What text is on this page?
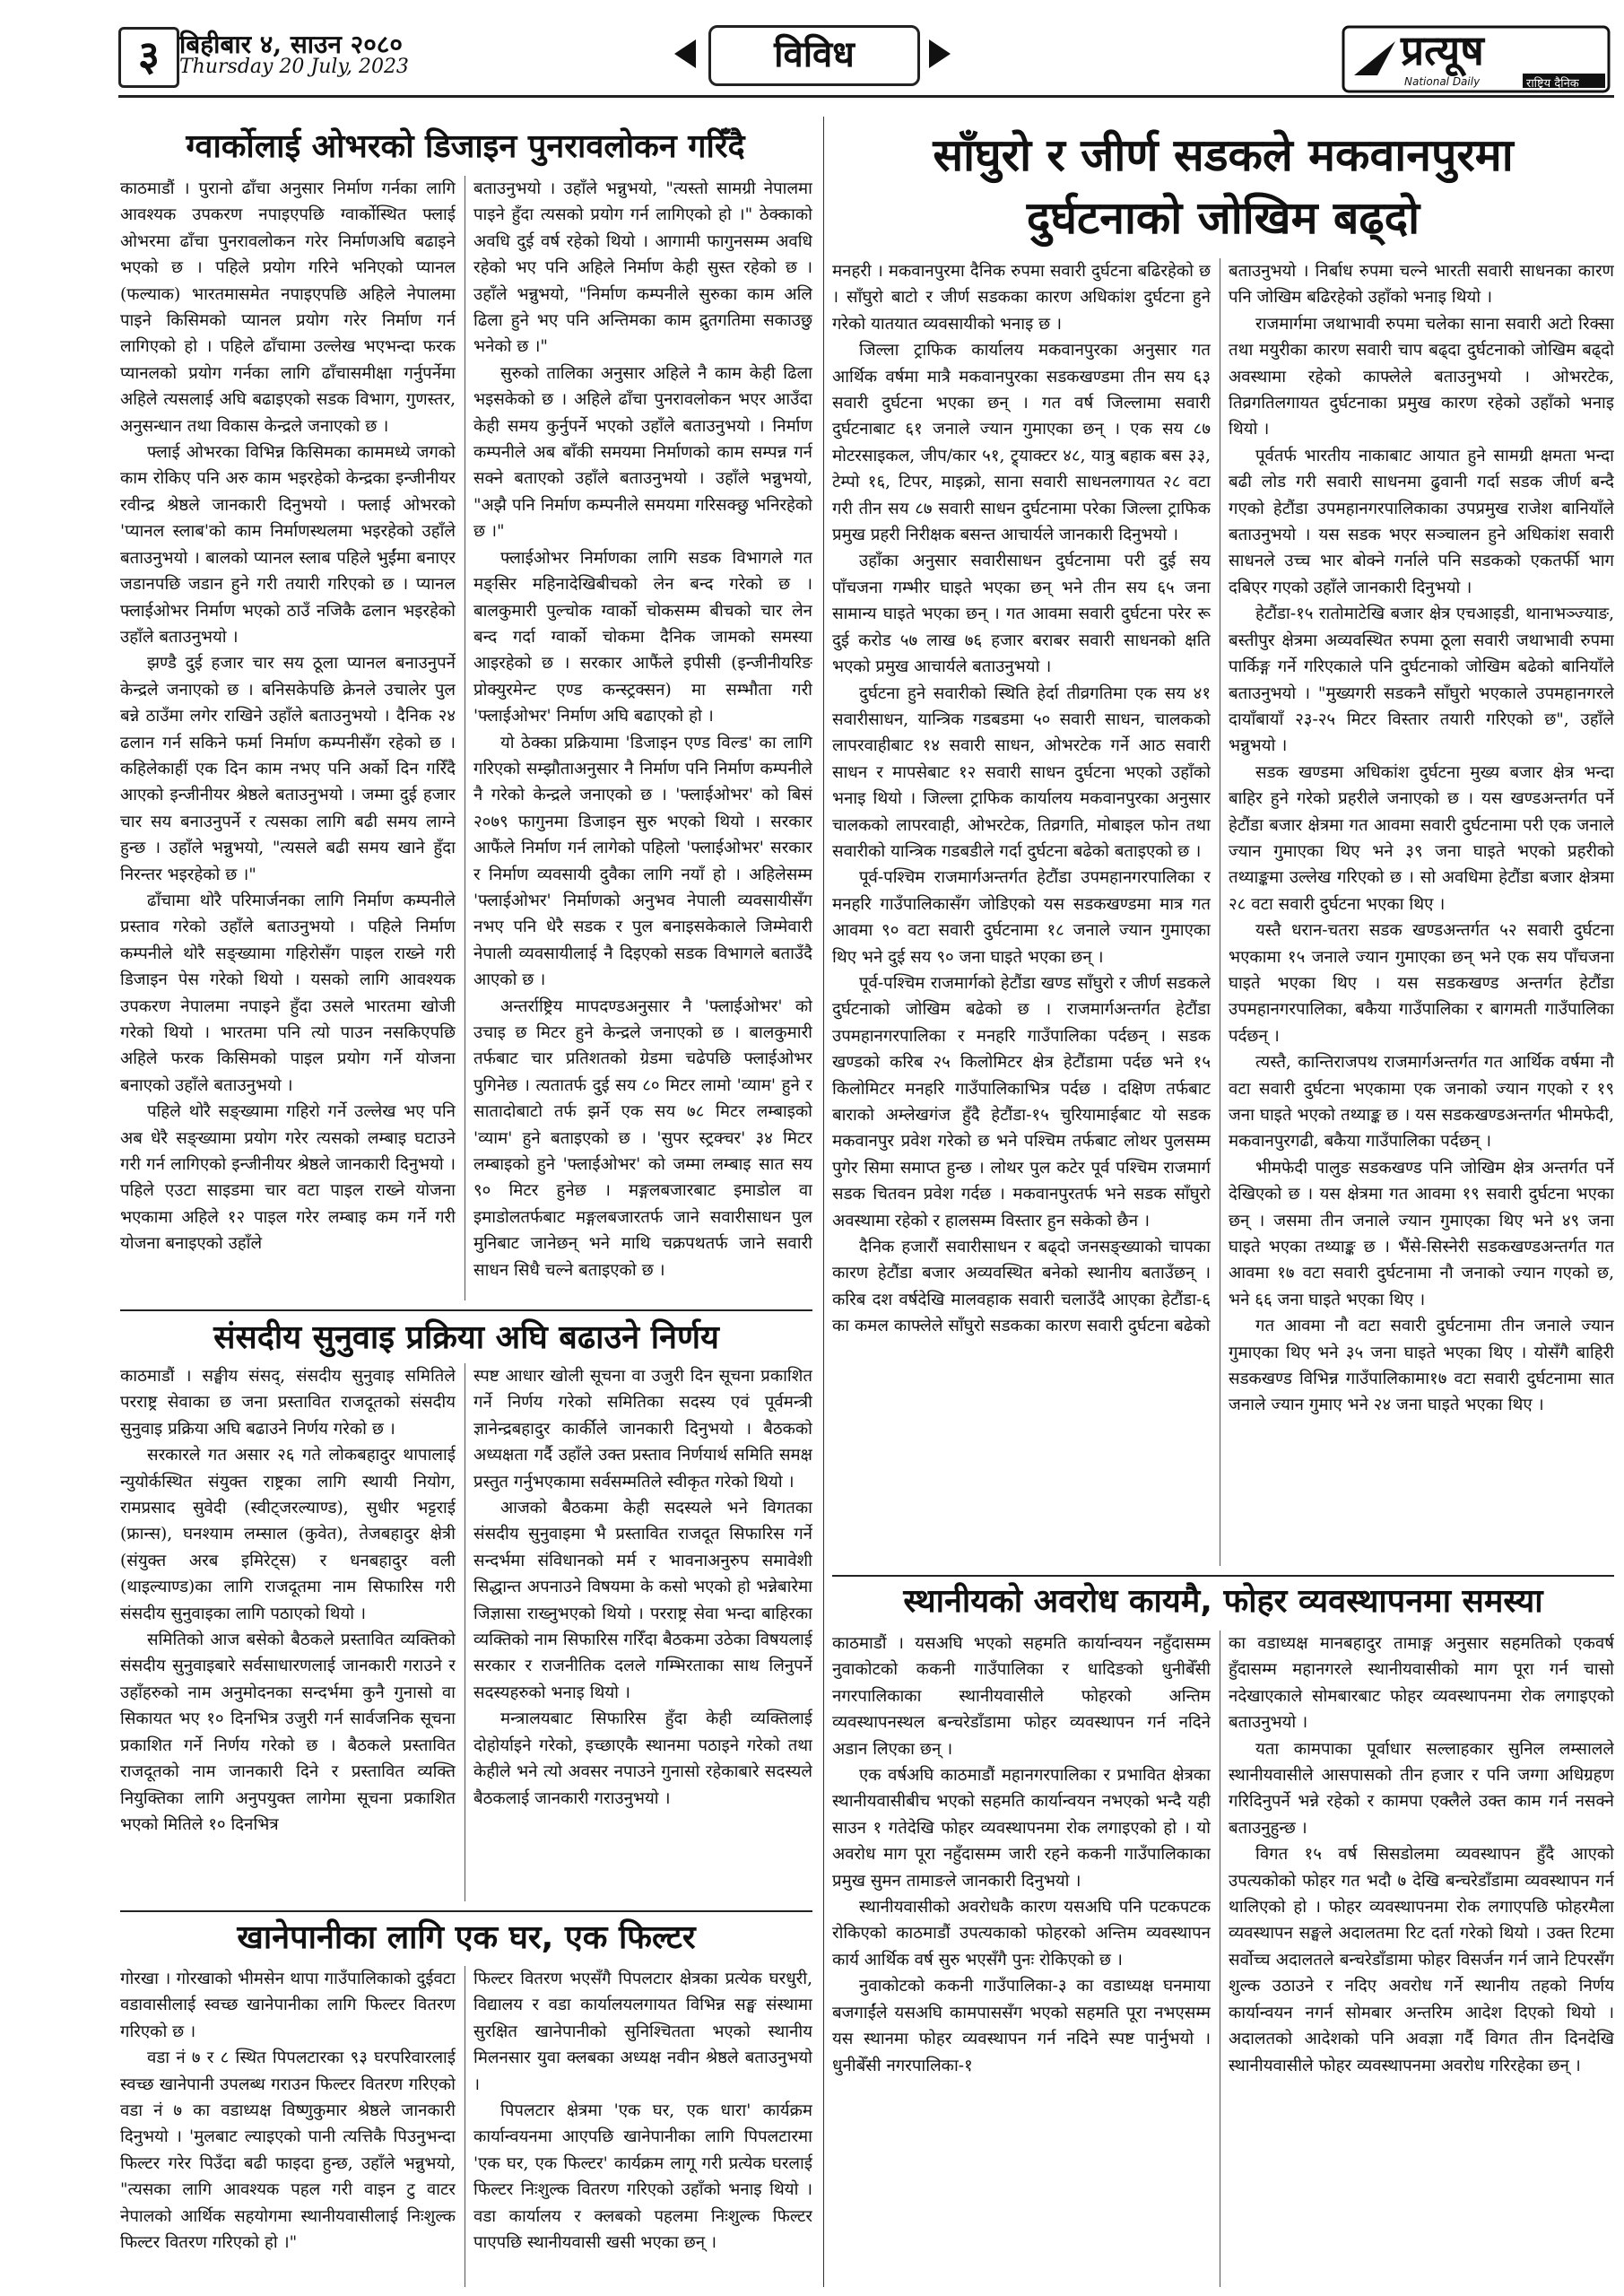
३ बिहीबार ४, साउन २०८०
Thursday 20 July, 2023	विविध	प्रत्यूष
National Daily	राष्ट्रिय दैनिक
ग्वार्कोलाई ओभरको डिजाइन पुनरावलोकन गरिँदै

काठमाडौं । पुरानो ढाँचा अनुसार निर्माण गर्नका लागि आवश्यक उपकरण नपाइएपछि ग्वार्कोस्थित फ्लाई ओभरमा ढाँचा पुनरावलोकन गरेर निर्माणअघि बढाइने भएको छ । पहिले प्रयोग गरिने भनिएको प्यानल (फल्याक) भारतमासमेत नपाइएपछि अहिले नेपालमा पाइने किसिमको प्यानल प्रयोग गरेर निर्माण गर्न लागिएको हो । पहिले ढाँचामा उल्लेख भएभन्दा फरक प्यानलको प्रयोग गर्नका लागि ढाँचासमीक्षा गर्नुपर्नेमा अहिले त्यसलाई अघि बढाइएको सडक विभाग, गुणस्तर, अनुसन्धान तथा विकास केन्द्रले जनाएको छ ।

फ्लाई ओभरका विभिन्न किसिमका काममध्ये जगको काम रोकिए पनि अरु काम भइरहेको केन्द्रका इन्जीनीयर रवीन्द्र श्रेष्ठले जानकारी दिनुभयो । फ्लाई ओभरको 'प्यानल स्लाब'को काम निर्माणस्थलमा भइरहेको उहाँले बताउनुभयो । बालको प्यानल स्लाब पहिले भुईंमा बनाएर जडानपछि जडान हुने गरी तयारी गरिएको छ । प्यानल फ्लाईओभर निर्माण भएको ठाउँ नजिकै ढलान भइरहेको उहाँले बताउनुभयो ।

झण्डै दुई हजार चार सय ठूला प्यानल बनाउनुपर्ने केन्द्रले जनाएको छ । बनिसकेपछि क्रेनले उचालेर पुल बन्ने ठाउँमा लगेर राखिने उहाँले बताउनुभयो । दैनिक २४ ढलान गर्न सकिने फर्मा निर्माण कम्पनीसँग रहेको छ । कहिलेकाहीं एक दिन काम नभए पनि अर्को दिन गरिँदै आएको इन्जीनीयर श्रेष्ठले बताउनुभयो । जम्मा दुई हजार चार सय बनाउनुपर्ने र त्यसका लागि बढी समय लाग्ने हुन्छ । उहाँले भन्नुभयो, "त्यसले बढी समय खाने हुँदा निरन्तर भइरहेको छ ।"

ढाँचामा थोरै परिमार्जनका लागि निर्माण कम्पनीले प्रस्ताव गरेको उहाँले बताउनुभयो । पहिले निर्माण कम्पनीले थोरै सङ्ख्यामा गहिरोसँग पाइल राख्ने गरी डिजाइन पेस गरेको थियो । यसको लागि आवश्यक उपकरण नेपालमा नपाइने हुँदा उसले भारतमा खोजी गरेको थियो । भारतमा पनि त्यो पाउन नसकिएपछि अहिले फरक किसिमको पाइल प्रयोग गर्ने योजना बनाएको उहाँले बताउनुभयो ।

पहिले थोरै सङ्ख्यामा गहिरो गर्ने उल्लेख भए पनि अब धेरै सङ्ख्यामा प्रयोग गरेर त्यसको लम्बाइ घटाउने गरी गर्न लागिएको इन्जीनीयर श्रेष्ठले जानकारी दिनुभयो । पहिले एउटा साइडमा चार वटा पाइल राख्ने योजना भएकामा अहिले १२ पाइल गरेर लम्बाइ कम गर्ने गरी योजना बनाइएको उहाँले

बताउनुभयो । उहाँले भन्नुभयो, "त्यस्तो सामग्री नेपालमा पाइने हुँदा त्यसको प्रयोग गर्न लागिएको हो ।" ठेक्काको अवधि दुई वर्ष रहेको थियो । आगामी फागुनसम्म अवधि रहेको भए पनि अहिले निर्माण केही सुस्त रहेको छ । उहाँले भन्नुभयो, "निर्माण कम्पनीले सुरुका काम अलि ढिला हुने भए पनि अन्तिमका काम द्रुतगतिमा सकाउछु भनेको छ ।"

सुरुको तालिका अनुसार अहिले नै काम केही ढिला भइसकेको छ । अहिले ढाँचा पुनरावलोकन भएर आउँदा केही समय कुर्नुपर्ने भएको उहाँले बताउनुभयो । निर्माण कम्पनीले अब बाँकी समयमा निर्माणको काम सम्पन्न गर्न सक्ने बताएको उहाँले बताउनुभयो । उहाँले भन्नुभयो, "अझै पनि निर्माण कम्पनीले समयमा गरिसक्छु भनिरहेको छ ।"

फ्लाईओभर निर्माणका लागि सडक विभागले गत मङ्सिर महिनादेखिबीचको लेन बन्द गरेको छ । बालकुमारी पुल्चोक ग्वार्को चोकसम्म बीचको चार लेन बन्द गर्दा ग्वार्को चोकमा दैनिक जामको समस्या आइरहेको छ । सरकार आफैंले इपीसी (इन्जीनीयरिङ प्रोक्युरमेन्ट एण्ड कन्स्ट्रक्सन) मा सम्भौता गरी 'फ्लाईओभर' निर्माण अघि बढाएको हो ।

यो ठेक्का प्रक्रियामा 'डिजाइन एण्ड विल्ड' का लागि गरिएको सम्झौताअनुसार नै निर्माण पनि निर्माण कम्पनीले नै गरेको केन्द्रले जनाएको छ । 'फ्लाईओभर' को बिसं २०७९ फागुनमा डिजाइन सुरु भएको थियो । सरकार आफैंले निर्माण गर्न लागेको पहिलो 'फ्लाईओभर' सरकार र निर्माण व्यवसायी दुवैका लागि नयाँ हो । अहिलेसम्म 'फ्लाईओभर' निर्माणको अनुभव नेपाली व्यवसायीसँग नभए पनि धेरै सडक र पुल बनाइसकेकाले जिम्मेवारी नेपाली व्यवसायीलाई नै दिइएको सडक विभागले बताउँदै आएको छ ।

अन्तर्राष्ट्रिय मापदण्डअनुसार नै 'फ्लाईओभर' को उचाइ छ मिटर हुने केन्द्रले जनाएको छ । बालकुमारी तर्फबाट चार प्रतिशतको ग्रेडमा चढेपछि फ्लाईओभर पुगिनेछ । त्यतातर्फ दुई सय ८० मिटर लामो 'व्याम' हुने र सातादोबाटो तर्फ झर्ने एक सय ७८ मिटर लम्बाइको 'व्याम' हुने बताइएको छ । 'सुपर स्ट्रक्चर' ३४ मिटर लम्बाइको हुने 'फ्लाईओभर' को जम्मा लम्बाइ सात सय ९० मिटर हुनेछ । मङ्गलबजारबाट इमाडोल वा इमाडोलतर्फबाट मङ्गलबजारतर्फ जाने सवारीसाधन पुल मुनिबाट जानेछन् भने माथि चक्रपथतर्फ जाने सवारी साधन सिधै चल्ने बताइएको छ ।

साँघुरो र जीर्ण सडकले मकवानपुरमा
दुर्घटनाको जोखिम बढ्दो

मनहरी । मकवानपुरमा दैनिक रुपमा सवारी दुर्घटना बढिरहेको छ । साँघुरो बाटो र जीर्ण सडकका कारण अधिकांश दुर्घटना हुने गरेको यातयात व्यवसायीको भनाइ छ ।

जिल्ला ट्राफिक कार्यालय मकवानपुरका अनुसार गत आर्थिक वर्षमा मात्रै मकवानपुरका सडकखण्डमा तीन सय ६३ सवारी दुर्घटना भएका छन् । गत वर्ष जिल्लामा सवारी दुर्घटनाबाट ६१ जनाले ज्यान गुमाएका छन् । एक सय ८७ मोटरसाइकल, जीप/कार ५१, ट्र्याक्टर ४८, यात्रु बहाक बस ३३, टेम्पो १६, टिपर, माइक्रो, साना सवारी साधनलगायत २८ वटा गरी तीन सय ८७ सवारी साधन दुर्घटनामा परेका जिल्ला ट्राफिक प्रमुख प्रहरी निरीक्षक बसन्त आचार्यले जानकारी दिनुभयो ।

उहाँका अनुसार सवारीसाधन दुर्घटनामा परी दुई सय पाँचजना गम्भीर घाइते भएका छन् भने तीन सय ६५ जना सामान्य घाइते भएका छन् । गत आवमा सवारी दुर्घटना परेर रू दुई करोड ५७ लाख ७६ हजार बराबर सवारी साधनको क्षति भएको प्रमुख आचार्यले बताउनुभयो ।

दुर्घटना हुने सवारीको स्थिति हेर्दा तीव्रगतिमा एक सय ४१ सवारीसाधन, यान्त्रिक गडबडमा ५० सवारी साधन, चालकको लापरवाहीबाट १४ सवारी साधन, ओभरटेक गर्ने आठ सवारी साधन र मापसेबाट १२ सवारी साधन दुर्घटना भएको उहाँको भनाइ थियो । जिल्ला ट्राफिक कार्यालय मकवानपुरका अनुसार चालकको लापरवाही, ओभरटेक, तिव्रगति, मोबाइल फोन तथा सवारीको यान्त्रिक गडबडीले गर्दा दुर्घटना बढेको बताइएको छ ।

पूर्व-पश्चिम राजमार्गअन्तर्गत हेटौंडा उपमहानगरपालिका र मनहरि गाउँपालिकासँग जोडिएको यस सडकखण्डमा मात्र गत आवमा ९० वटा सवारी दुर्घटनामा १८ जनाले ज्यान गुमाएका थिए भने दुई सय ९० जना घाइते भएका छन् ।

पूर्व-पश्चिम राजमार्गको हेटौंडा खण्ड साँघुरो र जीर्ण सडकले दुर्घटनाको जोखिम बढेको छ । राजमार्गअन्तर्गत हेटौंडा उपमहानगरपालिका र मनहरि गाउँपालिका पर्दछन् । सडक खण्डको करिब २५ किलोमिटर क्षेत्र हेटौंडामा पर्दछ भने १५ किलोमिटर मनहरि गाउँपालिकाभित्र पर्दछ । दक्षिण तर्फबाट बाराको अम्लेखगंज हुँदै हेटौंडा-१५ चुरियामाईबाट यो सडक मकवानपुर प्रवेश गरेको छ भने पश्चिम तर्फबाट लोथर पुलसम्म पुगेर सिमा समाप्त हुन्छ । लोथर पुल कटेर पूर्व पश्चिम राजमार्ग सडक चितवन प्रवेश गर्दछ । मकवानपुरतर्फ भने सडक साँघुरो अवस्थामा रहेको र हालसम्म विस्तार हुन सकेको छैन ।

दैनिक हजारौं सवारीसाधन र बढ्दो जनसङ्ख्याको चापका कारण हेटौंडा बजार अव्यवस्थित बनेको स्थानीय बताउँछन् । करिब दश वर्षदेखि मालवहाक सवारी चलाउँदै आएका हेटौंडा-६ का कमल काफ्लेले साँघुरो सडकका कारण सवारी दुर्घटना बढेको

बताउनुभयो । निर्बाध रुपमा चल्ने भारती सवारी साधनका कारण पनि जोखिम बढिरहेको उहाँको भनाइ थियो ।

राजमार्गमा जथाभावी रुपमा चलेका साना सवारी अटो रिक्सा तथा मयुरीका कारण सवारी चाप बढ्दा दुर्घटनाको जोखिम बढ्दो अवस्थामा रहेको काफ्लेले बताउनुभयो । ओभरटेक, तिव्रगतिलगायत दुर्घटनाका प्रमुख कारण रहेको उहाँको भनाइ थियो ।

पूर्वतर्फ भारतीय नाकाबाट आयात हुने सामग्री क्षमता भन्दा बढी लोड गरी सवारी साधनमा ढुवानी गर्दा सडक जीर्ण बन्दै गएको हेटौंडा उपमहानगरपालिकाका उपप्रमुख राजेश बानियाँले बताउनुभयो । यस सडक भएर सञ्चालन हुने अधिकांश सवारी साधनले उच्च भार बोक्ने गर्नाले पनि सडकको एकतर्फी भाग दबिएर गएको उहाँले जानकारी दिनुभयो ।

हेटौंडा-१५ रातोमाटेखि बजार क्षेत्र एचआइडी, थानाभञ्ज्याङ, बस्तीपुर क्षेत्रमा अव्यवस्थित रुपमा ठूला सवारी जथाभावी रुपमा पार्किङ्ग गर्ने गरिएकाले पनि दुर्घटनाको जोखिम बढेको बानियाँले बताउनुभयो । "मुख्यगरी सडकनै साँघुरो भएकाले उपमहानगरले दायाँबायाँ २३-२५ मिटर विस्तार तयारी गरिएको छ", उहाँले भन्नुभयो ।

सडक खण्डमा अधिकांश दुर्घटना मुख्य बजार क्षेत्र भन्दा बाहिर हुने गरेको प्रहरीले जनाएको छ । यस खण्डअन्तर्गत पर्ने हेटौंडा बजार क्षेत्रमा गत आवमा सवारी दुर्घटनामा परी एक जनाले ज्यान गुमाएका थिए भने ३९ जना घाइते भएको प्रहरीको तथ्याङ्कमा उल्लेख गरिएको छ । सो अवधिमा हेटौंडा बजार क्षेत्रमा २८ वटा सवारी दुर्घटना भएका थिए ।

यस्तै धरान-चतरा सडक खण्डअन्तर्गत ५२ सवारी दुर्घटना भएकामा १५ जनाले ज्यान गुमाएका छन् भने एक सय पाँचजना घाइते भएका थिए । यस सडकखण्ड अन्तर्गत हेटौंडा उपमहानगरपालिका, बकैया गाउँपालिका र बागमती गाउँपालिका पर्दछन् ।

त्यस्तै, कान्तिराजपथ राजमार्गअन्तर्गत गत आर्थिक वर्षमा नौ वटा सवारी दुर्घटना भएकामा एक जनाको ज्यान गएको र १९ जना घाइते भएको तथ्याङ्क छ । यस सडकखण्डअन्तर्गत भीमफेदी, मकवानपुरगढी, बकैया गाउँपालिका पर्दछन् ।

भीमफेदी पालुङ सडकखण्ड पनि जोखिम क्षेत्र अन्तर्गत पर्ने देखिएको छ । यस क्षेत्रमा गत आवमा १९ सवारी दुर्घटना भएका छन् । जसमा तीन जनाले ज्यान गुमाएका थिए भने ४९ जना घाइते भएका तथ्याङ्क छ । भैंसे-सिस्नेरी सडकखण्डअन्तर्गत गत आवमा १७ वटा सवारी दुर्घटनामा नौ जनाको ज्यान गएको छ, भने ६६ जना घाइते भएका थिए ।

गत आवमा नौ वटा सवारी दुर्घटनामा तीन जनाले ज्यान गुमाएका थिए भने ३५ जना घाइते भएका थिए । योसँगै बाहिरी सडकखण्ड विभिन्न गाउँपालिकामा१७ वटा सवारी दुर्घटनामा सात जनाले ज्यान गुमाए भने २४ जना घाइते भएका थिए ।

संसदीय सुनुवाइ प्रक्रिया अघि बढाउने निर्णय

काठमाडौं । सङ्घीय संसद्, संसदीय सुनुवाइ समितिले परराष्ट्र सेवाका छ जना प्रस्तावित राजदूतको संसदीय सुनुवाइ प्रक्रिया अघि बढाउने निर्णय गरेको छ ।

सरकारले गत असार २६ गते लोकबहादुर थापालाई न्युयोर्कस्थित संयुक्त राष्ट्रका लागि स्थायी नियोग, रामप्रसाद सुवेदी (स्वीट्जरल्याण्ड), सुधीर भट्टराई (फ्रान्स), घनश्याम लम्साल (कुवेत), तेजबहादुर क्षेत्री (संयुक्त अरब इमिरेट्स) र धनबहादुर वली (थाइल्याण्ड)का लागि राजदूतमा नाम सिफारिस गरी संसदीय सुनुवाइका लागि पठाएको थियो ।

समितिको आज बसेको बैठकले प्रस्तावित व्यक्तिको संसदीय सुनुवाइबारे सर्वसाधारणलाई जानकारी गराउने र उहाँहरुको नाम अनुमोदनका सन्दर्भमा कुनै गुनासो वा सिकायत भए १० दिनभित्र उजुरी गर्न सार्वजनिक सूचना प्रकाशित गर्ने निर्णय गरेको छ । बैठकले प्रस्तावित राजदूतको नाम जानकारी दिने र प्रस्तावित व्यक्ति नियुक्तिका लागि अनुपयुक्त लागेमा सूचना प्रकाशित भएको मितिले १० दिनभित्र

स्पष्ट आधार खोली सूचना वा उजुरी दिन सूचना प्रकाशित गर्ने निर्णय गरेको समितिका सदस्य एवं पूर्वमन्त्री ज्ञानेन्द्रबहादुर कार्कीले जानकारी दिनुभयो । बैठकको अध्यक्षता गर्दै उहाँले उक्त प्रस्ताव निर्णयार्थ समिति समक्ष प्रस्तुत गर्नुभएकामा सर्वसम्मतिले स्वीकृत गरेको थियो ।

आजको बैठकमा केही सदस्यले भने विगतका संसदीय सुनुवाइमा भै प्रस्तावित राजदूत सिफारिस गर्ने सन्दर्भमा संविधानको मर्म र भावनाअनुरुप समावेशी सिद्धान्त अपनाउने विषयमा के कसो भएको हो भन्नेबारेमा जिज्ञासा राख्नुभएको थियो । परराष्ट्र सेवा भन्दा बाहिरका व्यक्तिको नाम सिफारिस गरिँदा बैठकमा उठेका विषयलाई सरकार र राजनीतिक दलले गम्भिरताका साथ लिनुपर्ने सदस्यहरुको भनाइ थियो ।

मन्त्रालयबाट सिफारिस हुँदा केही व्यक्तिलाई दोहोर्याइने गरेको, इच्छाएकै स्थानमा पठाइने गरेको तथा केहीले भने त्यो अवसर नपाउने गुनासो रहेकाबारे सदस्यले बैठकलाई जानकारी गराउनुभयो ।

खानेपानीका लागि एक घर, एक फिल्टर

गोरखा । गोरखाको भीमसेन थापा गाउँपालिकाको दुईवटा वडावासीलाई स्वच्छ खानेपानीका लागि फिल्टर वितरण गरिएको छ ।

वडा नं ७ र ८ स्थित पिपलटारका ९३ घरपरिवारलाई स्वच्छ खानेपानी उपलब्ध गराउन फिल्टर वितरण गरिएको वडा नं ७ का वडाध्यक्ष विष्णुकुमार श्रेष्ठले जानकारी दिनुभयो । 'मुलबाट ल्याइएको पानी त्यत्तिकै पिउनुभन्दा फिल्टर गरेर पिउँदा बढी फाइदा हुन्छ, उहाँले भन्नुभयो, "त्यसका लागि आवश्यक पहल गरी वाइन टु वाटर नेपालको आर्थिक सहयोगमा स्थानीयवासीलाई निःशुल्क फिल्टर वितरण गरिएको हो ।"

फिल्टर वितरण भएसँगै पिपलटार क्षेत्रका प्रत्येक घरधुरी, विद्यालय र वडा कार्यालयलगायत विभिन्न सङ्घ संस्थामा सुरक्षित खानेपानीको सुनिश्चितता भएको स्थानीय मिलनसार युवा क्लबका अध्यक्ष नवीन श्रेष्ठले बताउनुभयो ।

पिपलटार क्षेत्रमा 'एक घर, एक धारा' कार्यक्रम कार्यान्वयनमा आएपछि खानेपानीका लागि पिपलटारमा 'एक घर, एक फिल्टर' कार्यक्रम लागू गरी प्रत्येक घरलाई फिल्टर निःशुल्क वितरण गरिएको उहाँको भनाइ थियो । वडा कार्यालय र क्लबको पहलमा निःशुल्क फिल्टर पाएपछि स्थानीयवासी खसी भएका छन् ।

स्थानीयको अवरोध कायमै, फोहर व्यवस्थापनमा समस्या

काठमाडौं । यसअघि भएको सहमति कार्यान्वयन नहुँदासम्म नुवाकोटको ककनी गाउँपालिका र धादिङको धुनीबेँसी नगरपालिकाका स्थानीयवासीले फोहरको अन्तिम व्यवस्थापनस्थल बन्चरेडाँडामा फोहर व्यवस्थापन गर्न नदिने अडान लिएका छन् ।

एक वर्षअघि काठमाडौं महानगरपालिका र प्रभावित क्षेत्रका स्थानीयवासीबीच भएको सहमति कार्यान्वयन नभएको भन्दै यही साउन १ गतेदेखि फोहर व्यवस्थापनमा रोक लगाइएको हो । यो अवरोध माग पूरा नहुँदासम्म जारी रहने ककनी गाउँपालिकाका प्रमुख सुमन तामाङले जानकारी दिनुभयो ।

स्थानीयवासीको अवरोधकै कारण यसअघि पनि पटकपटक रोकिएको काठमाडौं उपत्यकाको फोहरको अन्तिम व्यवस्थापन कार्य आर्थिक वर्ष सुरु भएसँगै पुनः रोकिएको छ ।

नुवाकोटको ककनी गाउँपालिका-३ का वडाध्यक्ष घनमाया बजगाईंले यसअघि कामपाससँग भएको सहमति पूरा नभएसम्म यस स्थानमा फोहर व्यवस्थापन गर्न नदिने स्पष्ट पार्नुभयो । धुनीबेँसी नगरपालिका-१

का वडाध्यक्ष मानबहादुर तामाङ्ग अनुसार सहमतिको एकवर्ष हुँदासम्म महानगरले स्थानीयवासीको माग पूरा गर्न चासो नदेखाएकाले सोमबारबाट फोहर व्यवस्थापनमा रोक लगाइएको बताउनुभयो ।

यता कामपाका पूर्वाधार सल्लाहकार सुनिल लम्सालले स्थानीयवासीले आसपासको तीन हजार र पनि जग्गा अधिग्रहण गरिदिनुपर्ने भन्ने रहेको र कामपा एक्लैले उक्त काम गर्न नसक्ने बताउनुहुन्छ ।

विगत १५ वर्ष सिसडोलमा व्यवस्थापन हुँदै आएको उपत्यकोको फोहर गत भदौ ७ देखि बन्चरेडाँडामा व्यवस्थापन गर्न थालिएको हो । फोहर व्यवस्थापनमा रोक लगाएपछि फोहरमैला व्यवस्थापन सङ्घले अदालतमा रिट दर्ता गरेको थियो । उक्त रिटमा सर्वोच्च अदालतले बन्चरेडाँडामा फोहर विसर्जन गर्न जाने टिपरसँग शुल्क उठाउने र नदिए अवरोध गर्ने स्थानीय तहको निर्णय कार्यान्वयन नगर्न सोमबार अन्तरिम आदेश दिएको थियो । अदालतको आदेशको पनि अवज्ञा गर्दै विगत तीन दिनदेखि स्थानीयवासीले फोहर व्यवस्थापनमा अवरोध गरिरहेका छन् ।
